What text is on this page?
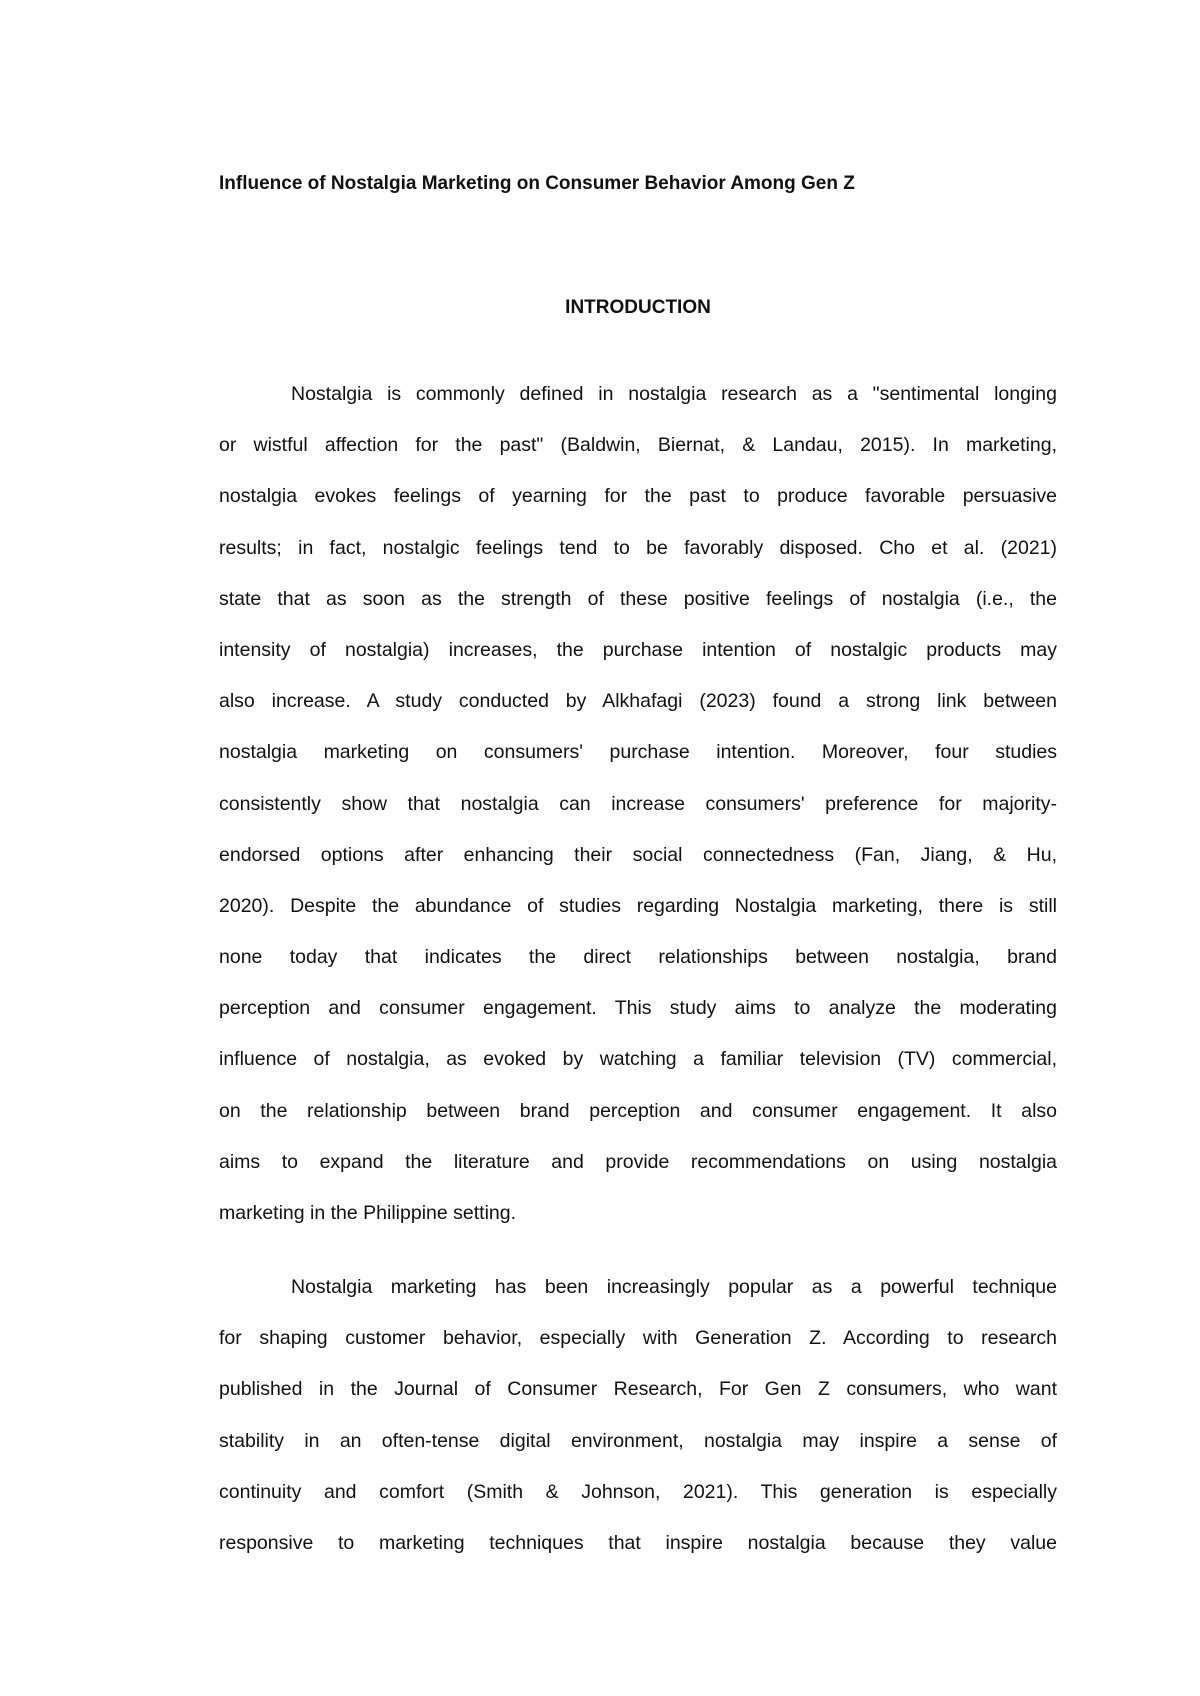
Influence of Nostalgia Marketing on Consumer Behavior Among Gen Z
INTRODUCTION
Nostalgia is commonly defined in nostalgia research as a "sentimental longing
or wistful affection for the past" (Baldwin, Biernat, & Landau, 2015). In marketing,
nostalgia evokes feelings of yearning for the past to produce favorable persuasive
results; in fact, nostalgic feelings tend to be favorably disposed. Cho et al. (2021)
state that as soon as the strength of these positive feelings of nostalgia (i.e., the
intensity of nostalgia) increases, the purchase intention of nostalgic products may
also increase. A study conducted by Alkhafagi (2023) found a strong link between
nostalgia marketing on consumers' purchase intention. Moreover, four studies
consistently show that nostalgia can increase consumers' preference for majority-
endorsed options after enhancing their social connectedness (Fan, Jiang, & Hu,
2020). Despite the abundance of studies regarding Nostalgia marketing, there is still
none today that indicates the direct relationships between nostalgia, brand
perception and consumer engagement. This study aims to analyze the moderating
influence of nostalgia, as evoked by watching a familiar television (TV) commercial,
on the relationship between brand perception and consumer engagement. It also
aims to expand the literature and provide recommendations on using nostalgia
marketing in the Philippine setting.
Nostalgia marketing has been increasingly popular as a powerful technique
for shaping customer behavior, especially with Generation Z. According to research
published in the Journal of Consumer Research, For Gen Z consumers, who want
stability in an often-tense digital environment, nostalgia may inspire a sense of
continuity and comfort (Smith & Johnson, 2021). This generation is especially
responsive to marketing techniques that inspire nostalgia because they value
